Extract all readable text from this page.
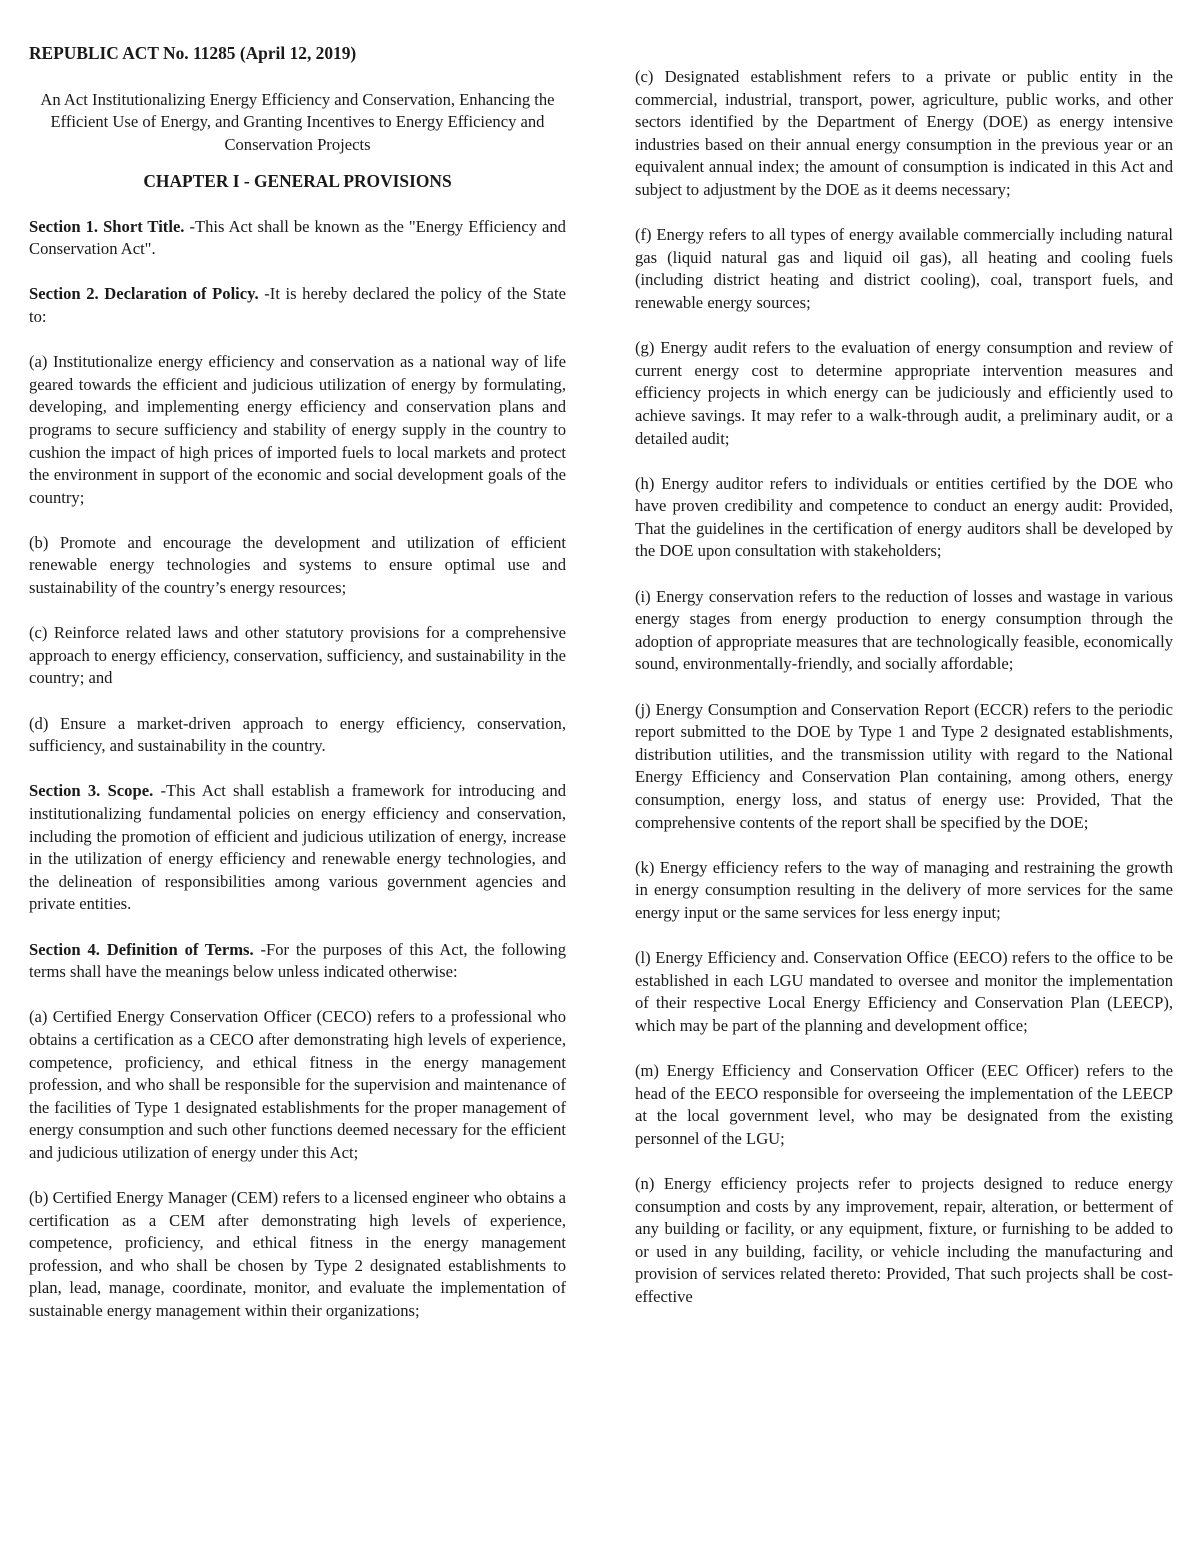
REPUBLIC ACT No. 11285 (April 12, 2019)

An Act Institutionalizing Energy Efficiency and Conservation, Enhancing the Efficient Use of Energy, and Granting Incentives to Energy Efficiency and Conservation Projects

CHAPTER I - GENERAL PROVISIONS

Section 1. Short Title. -This Act shall be known as the "Energy Efficiency and Conservation Act".

Section 2. Declaration of Policy. -It is hereby declared the policy of the State to:

(a) Institutionalize energy efficiency and conservation as a national way of life geared towards the efficient and judicious utilization of energy by formulating, developing, and implementing energy efficiency and conservation plans and programs to secure sufficiency and stability of energy supply in the country to cushion the impact of high prices of imported fuels to local markets and protect the environment in support of the economic and social development goals of the country;

(b) Promote and encourage the development and utilization of efficient renewable energy technologies and systems to ensure optimal use and sustainability of the country’s energy resources;

(c) Reinforce related laws and other statutory provisions for a comprehensive approach to energy efficiency, conservation, sufficiency, and sustainability in the country; and

(d) Ensure a market-driven approach to energy efficiency, conservation, sufficiency, and sustainability in the country.

Section 3. Scope. -This Act shall establish a framework for introducing and institutionalizing fundamental policies on energy efficiency and conservation, including the promotion of efficient and judicious utilization of energy, increase in the utilization of energy efficiency and renewable energy technologies, and the delineation of responsibilities among various government agencies and private entities.

Section 4. Definition of Terms. -For the purposes of this Act, the following terms shall have the meanings below unless indicated otherwise:

(a) Certified Energy Conservation Officer (CECO) refers to a professional who obtains a certification as a CECO after demonstrating high levels of experience, competence, proficiency, and ethical fitness in the energy management profession, and who shall be responsible for the supervision and maintenance of the facilities of Type 1 designated establishments for the proper management of energy consumption and such other functions deemed necessary for the efficient and judicious utilization of energy under this Act;

(b) Certified Energy Manager (CEM) refers to a licensed engineer who obtains a certification as a CEM after demonstrating high levels of experience, competence, proficiency, and ethical fitness in the energy management profession, and who shall be chosen by Type 2 designated establishments to plan, lead, manage, coordinate, monitor, and evaluate the implementation of sustainable energy management within their organizations;

(c) Designated establishment refers to a private or public entity in the commercial, industrial, transport, power, agriculture, public works, and other sectors identified by the Department of Energy (DOE) as energy intensive industries based on their annual energy consumption in the previous year or an equivalent annual index; the amount of consumption is indicated in this Act and subject to adjustment by the DOE as it deems necessary;

(f) Energy refers to all types of energy available commercially including natural gas (liquid natural gas and liquid oil gas), all heating and cooling fuels (including district heating and district cooling), coal, transport fuels, and renewable energy sources;

(g) Energy audit refers to the evaluation of energy consumption and review of current energy cost to determine appropriate intervention measures and efficiency projects in which energy can be judiciously and efficiently used to achieve savings. It may refer to a walk-through audit, a preliminary audit, or a detailed audit;

(h) Energy auditor refers to individuals or entities certified by the DOE who have proven credibility and competence to conduct an energy audit: Provided, That the guidelines in the certification of energy auditors shall be developed by the DOE upon consultation with stakeholders;

(i) Energy conservation refers to the reduction of losses and wastage in various energy stages from energy production to energy consumption through the adoption of appropriate measures that are technologically feasible, economically sound, environmentally-friendly, and socially affordable;

(j) Energy Consumption and Conservation Report (ECCR) refers to the periodic report submitted to the DOE by Type 1 and Type 2 designated establishments, distribution utilities, and the transmission utility with regard to the National Energy Efficiency and Conservation Plan containing, among others, energy consumption, energy loss, and status of energy use: Provided, That the comprehensive contents of the report shall be specified by the DOE;

(k) Energy efficiency refers to the way of managing and restraining the growth in energy consumption resulting in the delivery of more services for the same energy input or the same services for less energy input;

(l) Energy Efficiency and. Conservation Office (EECO) refers to the office to be established in each LGU mandated to oversee and monitor the implementation of their respective Local Energy Efficiency and Conservation Plan (LEECP), which may be part of the planning and development office;

(m) Energy Efficiency and Conservation Officer (EEC Officer) refers to the head of the EECO responsible for overseeing the implementation of the LEECP at the local government level, who may be designated from the existing personnel of the LGU;

(n) Energy efficiency projects refer to projects designed to reduce energy consumption and costs by any improvement, repair, alteration, or betterment of any building or facility, or any equipment, fixture, or furnishing to be added to or used in any building, facility, or vehicle including the manufacturing and provision of services related thereto: Provided, That such projects shall be cost-effective
